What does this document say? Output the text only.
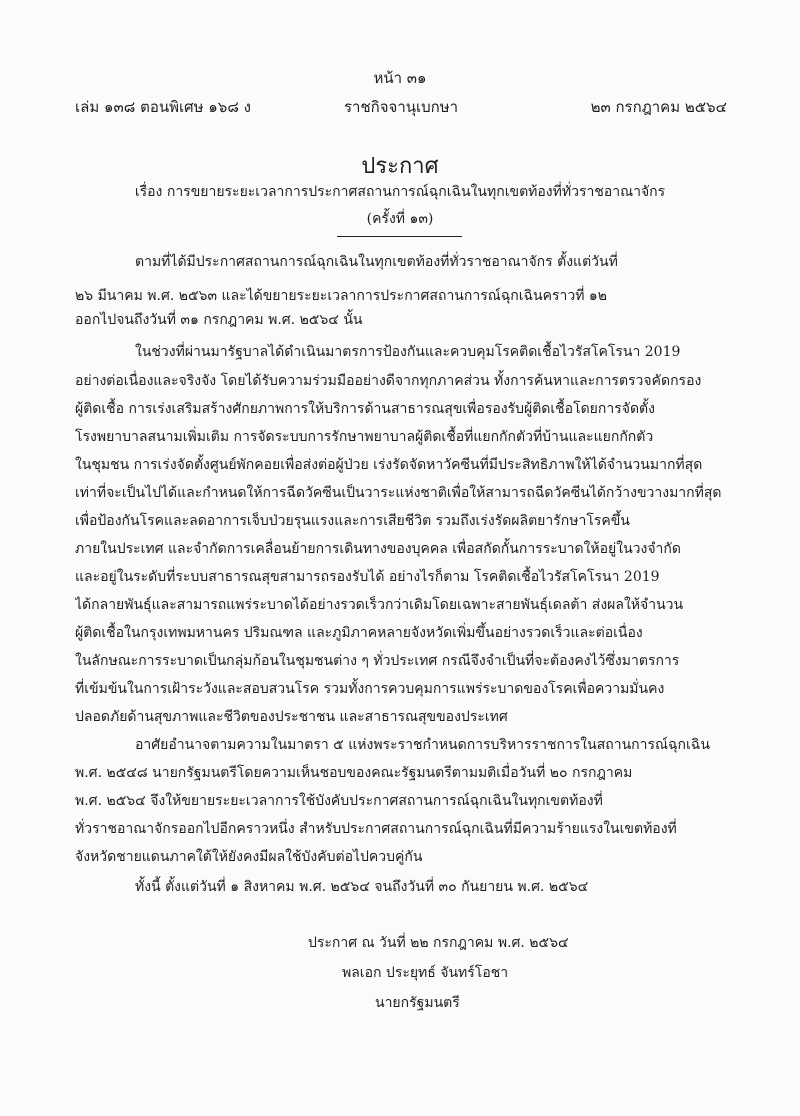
หน้า ๓๑
เล่ม ๑๓๘ ตอนพิเศษ ๑๖๘ ง	ราชกิจจานุเบกษา	๒๓ กรกฎาคม ๒๕๖๔
ประกาศ
เรื่อง การขยายระยะเวลาการประกาศสถานการณ์ฉุกเฉินในทุกเขตท้องที่ทั่วราชอาณาจักร
(ครั้งที่ ๑๓)
ตามที่ได้มีประกาศสถานการณ์ฉุกเฉินในทุกเขตท้องที่ทั่วราชอาณาจักร ตั้งแต่วันที่
๒๖ มีนาคม พ.ศ. ๒๕๖๓ และได้ขยายระยะเวลาการประกาศสถานการณ์ฉุกเฉินคราวที่ ๑๒
ออกไปจนถึงวันที่ ๓๑ กรกฎาคม พ.ศ. ๒๕๖๔ นั้น
ในช่วงที่ผ่านมารัฐบาลได้ดำเนินมาตรการป้องกันและควบคุมโรคติดเชื้อไวรัสโคโรนา 2019
อย่างต่อเนื่องและจริงจัง โดยได้รับความร่วมมืออย่างดีจากทุกภาคส่วน ทั้งการค้นหาและการตรวจคัดกรอง
ผู้ติดเชื้อ การเร่งเสริมสร้างศักยภาพการให้บริการด้านสาธารณสุขเพื่อรองรับผู้ติดเชื้อโดยการจัดตั้ง
โรงพยาบาลสนามเพิ่มเติม การจัดระบบการรักษาพยาบาลผู้ติดเชื้อที่แยกกักตัวที่บ้านและแยกกักตัว
ในชุมชน การเร่งจัดตั้งศูนย์พักคอยเพื่อส่งต่อผู้ป่วย เร่งรัดจัดหาวัคซีนที่มีประสิทธิภาพให้ได้จำนวนมากที่สุด
เท่าที่จะเป็นไปได้และกำหนดให้การฉีดวัคซีนเป็นวาระแห่งชาติเพื่อให้สามารถฉีดวัคซีนได้กว้างขวางมากที่สุด
เพื่อป้องกันโรคและลดอาการเจ็บป่วยรุนแรงและการเสียชีวิต รวมถึงเร่งรัดผลิตยารักษาโรคขึ้น
ภายในประเทศ และจำกัดการเคลื่อนย้ายการเดินทางของบุคคล เพื่อสกัดกั้นการระบาดให้อยู่ในวงจำกัด
และอยู่ในระดับที่ระบบสาธารณสุขสามารถรองรับได้ อย่างไรก็ตาม โรคติดเชื้อไวรัสโคโรนา 2019
ได้กลายพันธุ์และสามารถแพร่ระบาดได้อย่างรวดเร็วกว่าเดิมโดยเฉพาะสายพันธุ์เดลต้า ส่งผลให้จำนวน
ผู้ติดเชื้อในกรุงเทพมหานคร ปริมณฑล และภูมิภาคหลายจังหวัดเพิ่มขึ้นอย่างรวดเร็วและต่อเนื่อง
ในลักษณะการระบาดเป็นกลุ่มก้อนในชุมชนต่าง ๆ ทั่วประเทศ กรณีจึงจำเป็นที่จะต้องคงไว้ซึ่งมาตรการ
ที่เข้มข้นในการเฝ้าระวังและสอบสวนโรค รวมทั้งการควบคุมการแพร่ระบาดของโรคเพื่อความมั่นคง
ปลอดภัยด้านสุขภาพและชีวิตของประชาชน และสาธารณสุขของประเทศ
อาศัยอำนาจตามความในมาตรา ๕ แห่งพระราชกำหนดการบริหารราชการในสถานการณ์ฉุกเฉิน
พ.ศ. ๒๕๔๘ นายกรัฐมนตรีโดยความเห็นชอบของคณะรัฐมนตรีตามมติเมื่อวันที่ ๒๐ กรกฎาคม
พ.ศ. ๒๕๖๔ จึงให้ขยายระยะเวลาการใช้บังคับประกาศสถานการณ์ฉุกเฉินในทุกเขตท้องที่
ทั่วราชอาณาจักรออกไปอีกคราวหนึ่ง สำหรับประกาศสถานการณ์ฉุกเฉินที่มีความร้ายแรงในเขตท้องที่
จังหวัดชายแดนภาคใต้ให้ยังคงมีผลใช้บังคับต่อไปควบคู่กัน
ทั้งนี้ ตั้งแต่วันที่ ๑ สิงหาคม พ.ศ. ๒๕๖๔ จนถึงวันที่ ๓๐ กันยายน พ.ศ. ๒๕๖๔
ประกาศ ณ วันที่ ๒๒ กรกฎาคม พ.ศ. ๒๕๖๔
พลเอก ประยุทธ์ จันทร์โอชา
นายกรัฐมนตรี
